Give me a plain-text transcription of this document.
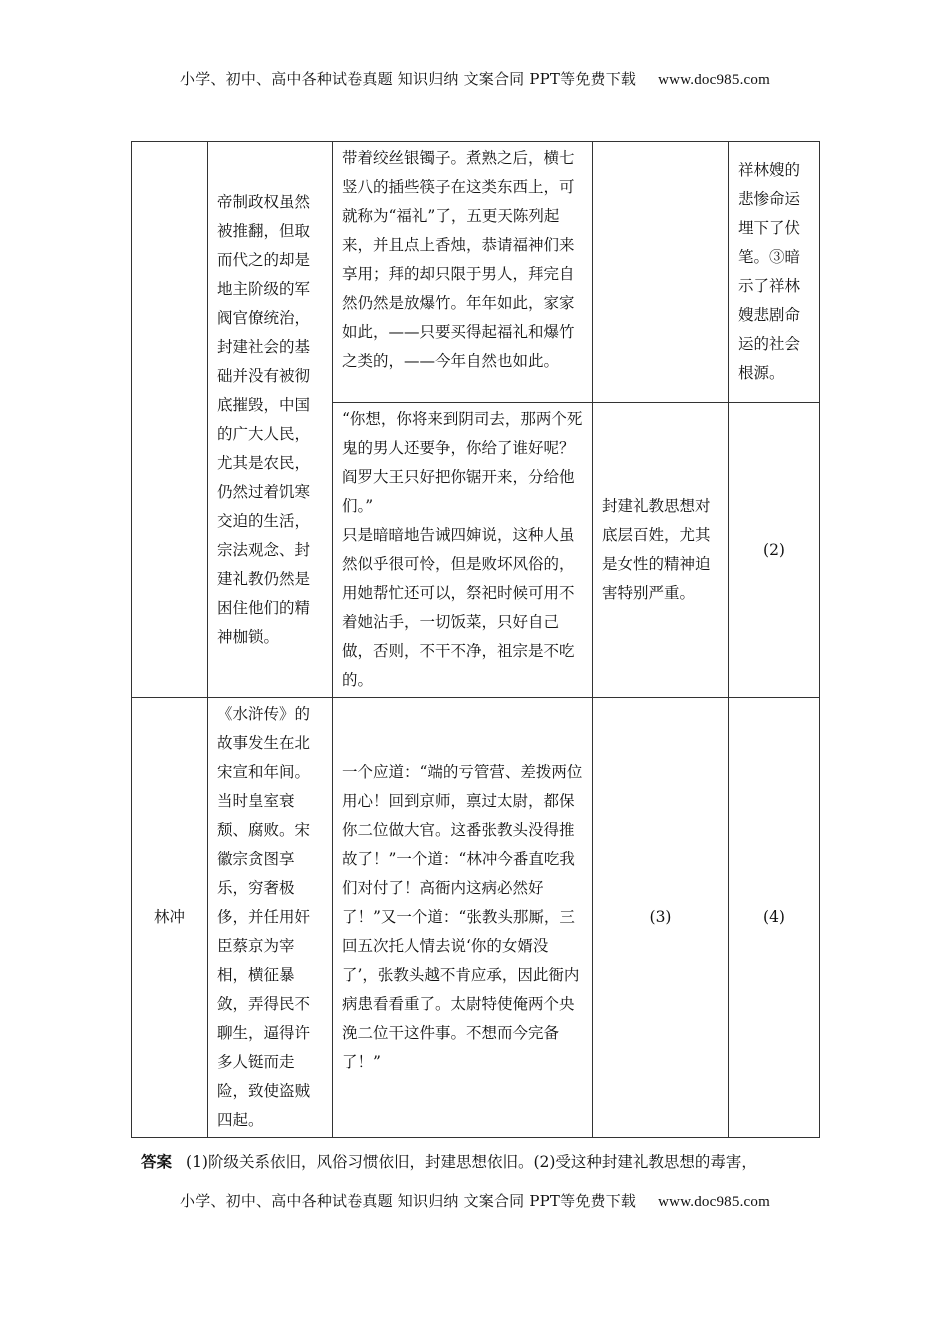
小学、初中、高中各种试卷真题 知识归纳 文案合同 PPT等免费下载 www.doc985.com

	帝制政权虽然被推翻，但取而代之的却是地主阶级的军阀官僚统治，封建社会的基础并没有被彻底摧毁，中国的广大人民，尤其是农民，仍然过着饥寒交迫的生活，宗法观念、封建礼教仍然是困住他们的精神枷锁。	带着绞丝银镯子。煮熟之后，横七竖八的插些筷子在这类东西上，可就称为“福礼”了，五更天陈列起来，并且点上香烛，恭请福神们来享用；拜的却只限于男人，拜完自然仍然是放爆竹。年年如此，家家如此，——只要买得起福礼和爆竹之类的，——今年自然也如此。		祥林嫂的悲惨命运埋下了伏笔。③暗示了祥林嫂悲剧命运的社会根源。

		“你想，你将来到阴司去，那两个死鬼的男人还要争，你给了谁好呢？阎罗大王只好把你锯开来，分给他们。”
只是暗暗地告诫四婶说，这种人虽然似乎很可怜，但是败坏风俗的，用她帮忙还可以，祭祀时候可用不着她沾手，一切饭菜，只好自己做，否则，不干不净，祖宗是不吃的。	封建礼教思想对底层百姓，尤其是女性的精神迫害特别严重。	(2)
林冲	《水浒传》的故事发生在北宋宣和年间。当时皇室衰颓、腐败。宋徽宗贪图享乐，穷奢极侈，并任用奸臣蔡京为宰相，横征暴敛，弄得民不聊生，逼得许多人铤而走险，致使盗贼四起。	一个应道：“端的亏管营、差拨两位用心！回到京师，禀过太尉，都保你二位做大官。这番张教头没得推故了！”一个道：“林冲今番直吃我们对付了！高衙内这病必然好了！”又一个道：“张教头那厮，三回五次托人情去说‘你的女婿没了’，张教头越不肯应承，因此衙内病患看看重了。太尉特使俺两个央浼二位干这件事。不想而今完备了！”	(3)	(4)
答案 (1)阶级关系依旧，风俗习惯依旧，封建思想依旧。(2)受这种封建礼教思想的毒害，
小学、初中、高中各种试卷真题 知识归纳 文案合同 PPT等免费下载 www.doc985.com
